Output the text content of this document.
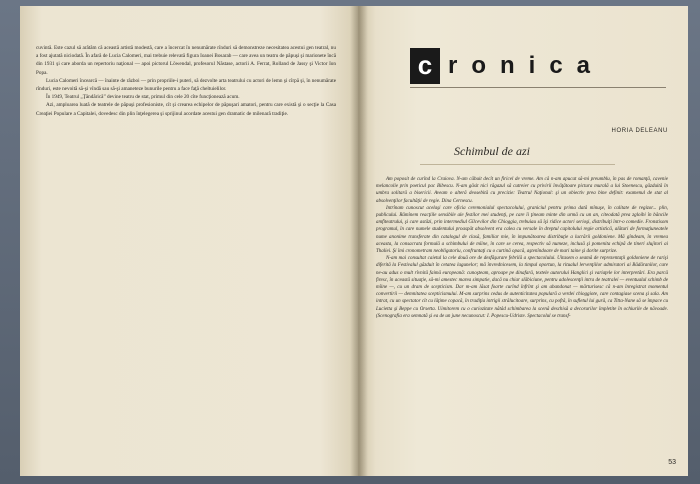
cuvintă. Este cazul să arătăm că această artistă modestă, care a încercat în nenumărate rînduri să demonstreze necesitatea acestui gen teatral, nu a fost ajutată niciodată. În afară de Lucia Calomeri, mai trebuie relevată figura Ioanei Bosarab — care avea un teatru de păpuşi şi marionete încă din 1931 şi care aborda un repertoriu naţional — apoi pictorul Löwendal, profesorul Năstase, actorii A. Ferrat, Rolland de Jassy şi Victor Ion Popa.

Lucia Calomeri încearcă — înainte de război — prin propriile-i puteri, să dezvolte arta teatrului cu actori de lemn şi cîrpă şi, în nenumărate rînduri, este nevoită să-şi vîndă sau să-şi amaneteze bunurile pentru a face faţă cheltuielilor.

În 1949, Teatrul „Ţăndărică” devine teatru de stat, primul din cele 20 cîte funcţionează acum.

Azi, amploarea luată de teatrele de păpuşi profesioniste, cît şi crearea echipelor de păpuşari amatori, pentru care există şi o secţie la Casa Creaţiei Populare a Capitalei, dovedesc din plin înţelegerea şi sprijinul acordate acestui gen dramatic de milenară tradiţie.

c ronica
HORIA DELEANU
Schimbul de azi

Am poposit de curînd la Craiova. N-am căbuit decît un firicel de vreme. Am că n-am apucat să-mi preumblu, în pas de romanţă, cavenie melancolie prin poeticul pac Bibescu. N-am găsit nici răgazul să cutreier cu privirii învăţătoare pictura murală a lui Stoenescu, găzduită în umbra solitară a bisericii. Aveam o alteră deosebită cu precizie: Teatrul Naţional: şi un obiectiv prea bine definit: examenul de stat al absolvenţilor facultăţii de regie. Dina Cernescu.

Intrînam cunoscut acelaşi care oficia ceremonialul spectacolului, graniciul pentru prima dată mînuşe, în calitate de regizor... plin, publicului. Rămînem reacţiile sensibile ale festilor mei studenţi, pe care îi ţineam minte din urmă cu un an, citeodată prea zgloibi în băncile amfiteatrului, şi care astăzi, prin intermediul Gîlcevilor din Chioggia, trebuiau să îşi ridice actori serioşi, distribuiţi într-o comedie. Fronstisom programul, în care numele studentului proaspăt absolvent era calea cu versale în dreptul capitolului regie artistică, alături de formaţiuneatele nume anonime transferate din catalogul de clasă, familiar mie, în impunătoarea distribuţie a lucrării goldoniene. Mă gîndeam, în vremea aceasta, la consacrata formulă a schimbului de mîine, în care se cerea, respectiv să numeze, inclusă şi pomenita echipă de tineri slujitori ai Thaliei. Şi îmi cronometram neobligatoriu, confruntaţi cu o curtină opacă, aştenîndoare de mari taine şi dorite surprize.

N-am mai consultat caietul la cele două ore de desfăşurare febrilă a spectacolului. Uitasem o seamă de reprezentaţii goldoniene de rarişi diferită la Festivalul găzduit în cetatea lagunelor; mă învrednicesem, la timpul oportun, la ritualul lervenţiilor admiratori ai Bădăranilor, care ne-au adus o mult rîvnită faimă europeană: cunoşteam, aproape pe dinafară, textele autorului Hanglici şi variaţele lor interpretări. Era parcă firesc, în această situaţie, să-mi amestec marea simpatie, dacă nu chiar slăbiciune, pentru adolescenţii intra de teatralei — eventualul schimb de mîine —, cu un dram de scepticism. Dar m-am lăsat foarte curînd înfrînt şi am abandonat — mărturisesc că n-am înregistrat momentul convertirii — demnitatea scepticismului. M-am surprins cedus de autenticitatea populară a verdei chioggiote, care contagiase scena şi sala. Am intrat, cu un spectator cît cu lăţime copacă, în tradiţia intrigii strălucitoare, surprins, cu poftă, în sufletul lui gură, ca Titta-Nane să se împace cu Lucietta şi Beppe cu Orsetta. Uimitorem cu o curiozitate nătâd schimbarea la scenă deschisă a decorurilor împletite în ochiurile de năvoade. (Scenografia era semnată şi ea de un june necunoscut: I. Popescu-Udriste. Spectacolul se transf-

53
